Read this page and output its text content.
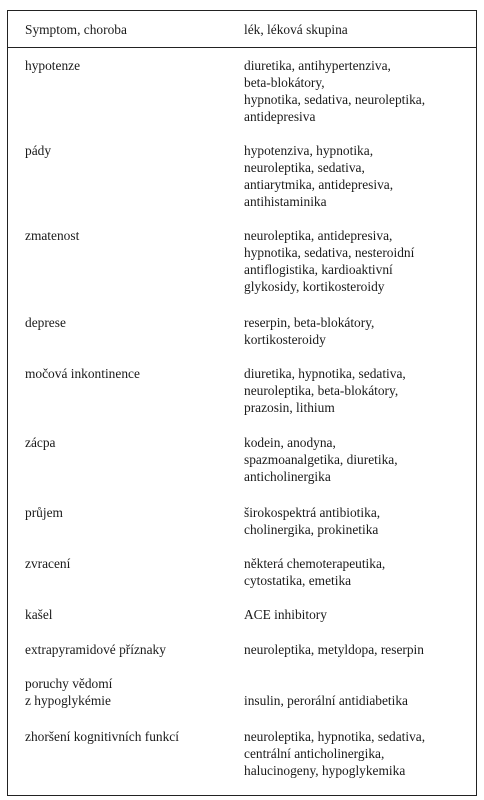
Symptom, choroba	lék, léková skupina
hypotenze	diuretika, antihypertenziva,
beta-blokátory,
hypnotika, sedativa, neuroleptika,
antidepresiva
pády	hypotenziva, hypnotika,
neuroleptika, sedativa,
antiarytmika, antidepresiva,
antihistaminika
zmatenost	neuroleptika, antidepresiva,
hypnotika, sedativa, nesteroidní
antiflogistika, kardioaktivní
glykosidy, kortikosteroidy
deprese	reserpin, beta-blokátory,
kortikosteroidy
močová inkontinence	diuretika, hypnotika, sedativa,
neuroleptika, beta-blokátory,
prazosin, lithium
zácpa	kodein, anodyna,
spazmoanalgetika, diuretika,
anticholinergika
průjem	širokospektrá antibiotika,
cholinergika, prokinetika
zvracení	některá chemoterapeutika,
cytostatika, emetika
kašel	ACE inhibitory
extrapyramidové příznaky	neuroleptika, metyldopa, reserpin
poruchy vědomí
z hypoglykémie	insulin, perorální antidiabetika
zhoršení kognitivních funkcí	neuroleptika, hypnotika, sedativa,
centrální anticholinergika,
halucinogeny, hypoglykemika
